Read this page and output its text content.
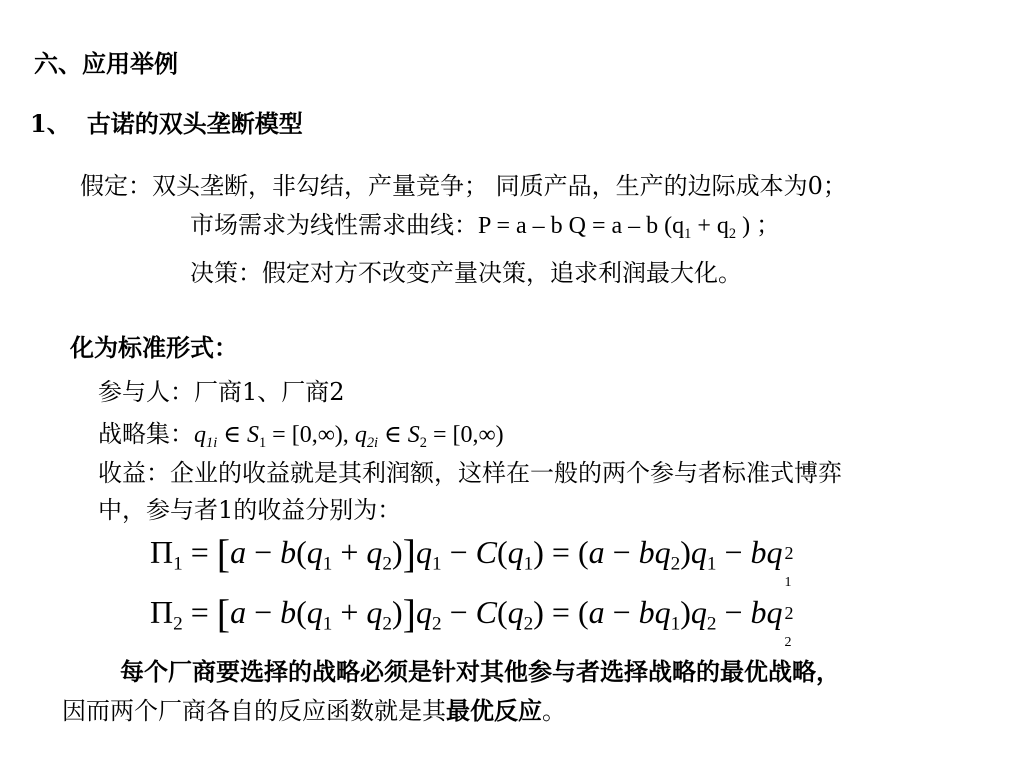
六、应用举例
1、 古诺的双头垄断模型
假定：双头垄断，非勾结，产量竞争； 同质产品，生产的边际成本为0；
市场需求为线性需求曲线：P = a – b Q = a – b ($q_1 + q_2$ ) ；
决策：假定对方不改变产量决策，追求利润最大化。
化为标准形式：
参与人：厂商1、厂商2
战略集：$q_{1i}$ ∈ $S_1 = [0,\infty)$, $q_{2i}$ ∈ $S_2 = [0,\infty)$
收益：企业的收益就是其利润额，这样在一般的两个参与者标准式博弈
中，参与者1的收益分别为：
$\Pi_1 = [a - b(q_1 + q_2)]q_1 - C(q_1) = (a - bq_2)q_1$ − bq 2
1
$\Pi_2 = [a - b(q_1 + q_2)]q_2 - C(q_2) = (a - bq_1)q_2$ − bq 2
2
每个厂商要选择的战略必须是针对其他参与者选择战略的最优战略，
因而两个厂商各自的反应函数就是其最优反应。
